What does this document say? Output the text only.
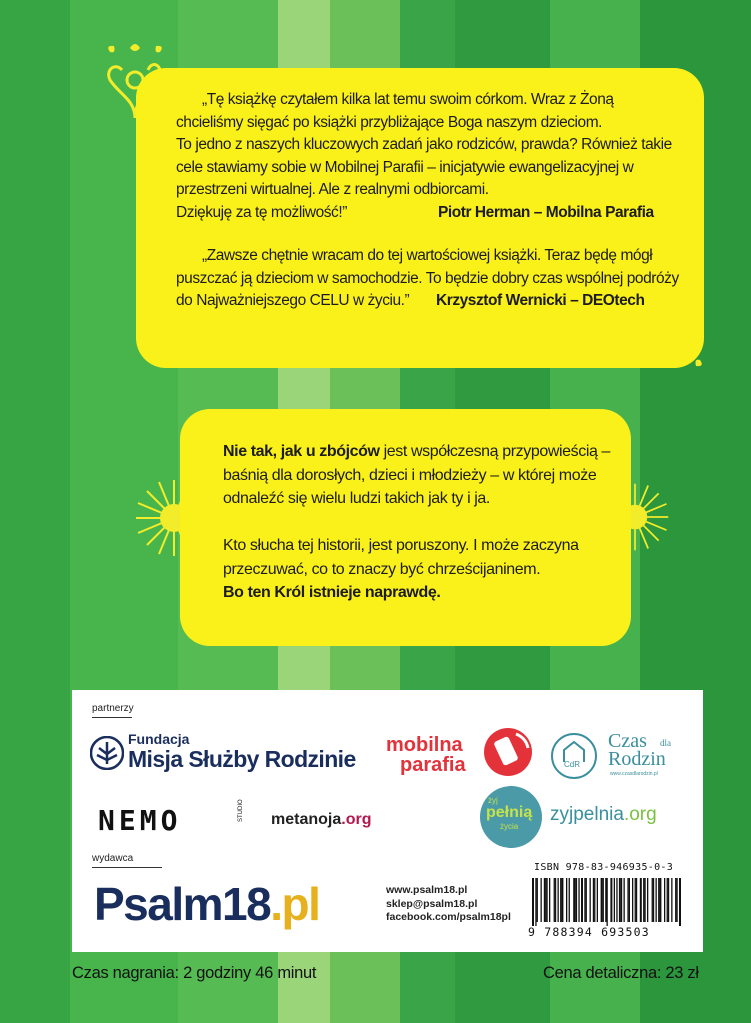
„Tę książkę czytałem kilka lat temu swoim córkom. Wraz z Żoną
chcieliśmy sięgać po książki przybliżające Boga naszym dzieciom.
To jedno z naszych kluczowych zadań jako rodziców, prawda? Również takie
cele stawiamy sobie w Mobilnej Parafii – inicjatywie ewangelizacyjnej w
przestrzeni wirtualnej. Ale z realnymi odbiorcami.
Dziękuję za tę możliwość!”	Piotr Herman – Mobilna Parafia

„Zawsze chętnie wracam do tej wartościowej książki. Teraz będę mógł
puszczać ją dzieciom w samochodzie. To będzie dobry czas wspólnej podróży
do Najważniejszego CELU w życiu.”	Krzysztof Wernicki – DEOtech

Nie tak, jak u zbójców jest współczesną przypowieścią –
baśnią dla dorosłych, dzieci i młodzieży – w której może
odnaleźć się wielu ludzi takich jak ty i ja.

Kto słucha tej historii, jest poruszony. I może zaczyna
przeczuwać, co to znaczy być chrześcijaninem.
Bo ten Król istnieje naprawdę.

partnerzy
Fundacja
Misja Służby Rodzinie
mobilna
parafia	CdR
Czas dla
Rodzin
www.czasdlarodzin.pl
NEMO	STUDIO metanoja.org
żyj
pełnią
życia
zyjpelnia.org
wydawca
Psalm18.pl	www.psalm18.pl
sklep@psalm18.pl
facebook.com/psalm18pl
ISBN 978-83-946935-0-3
9 788394 693503
Czas nagrania: 2 godziny 46 minut	Cena detaliczna: 23 zł
